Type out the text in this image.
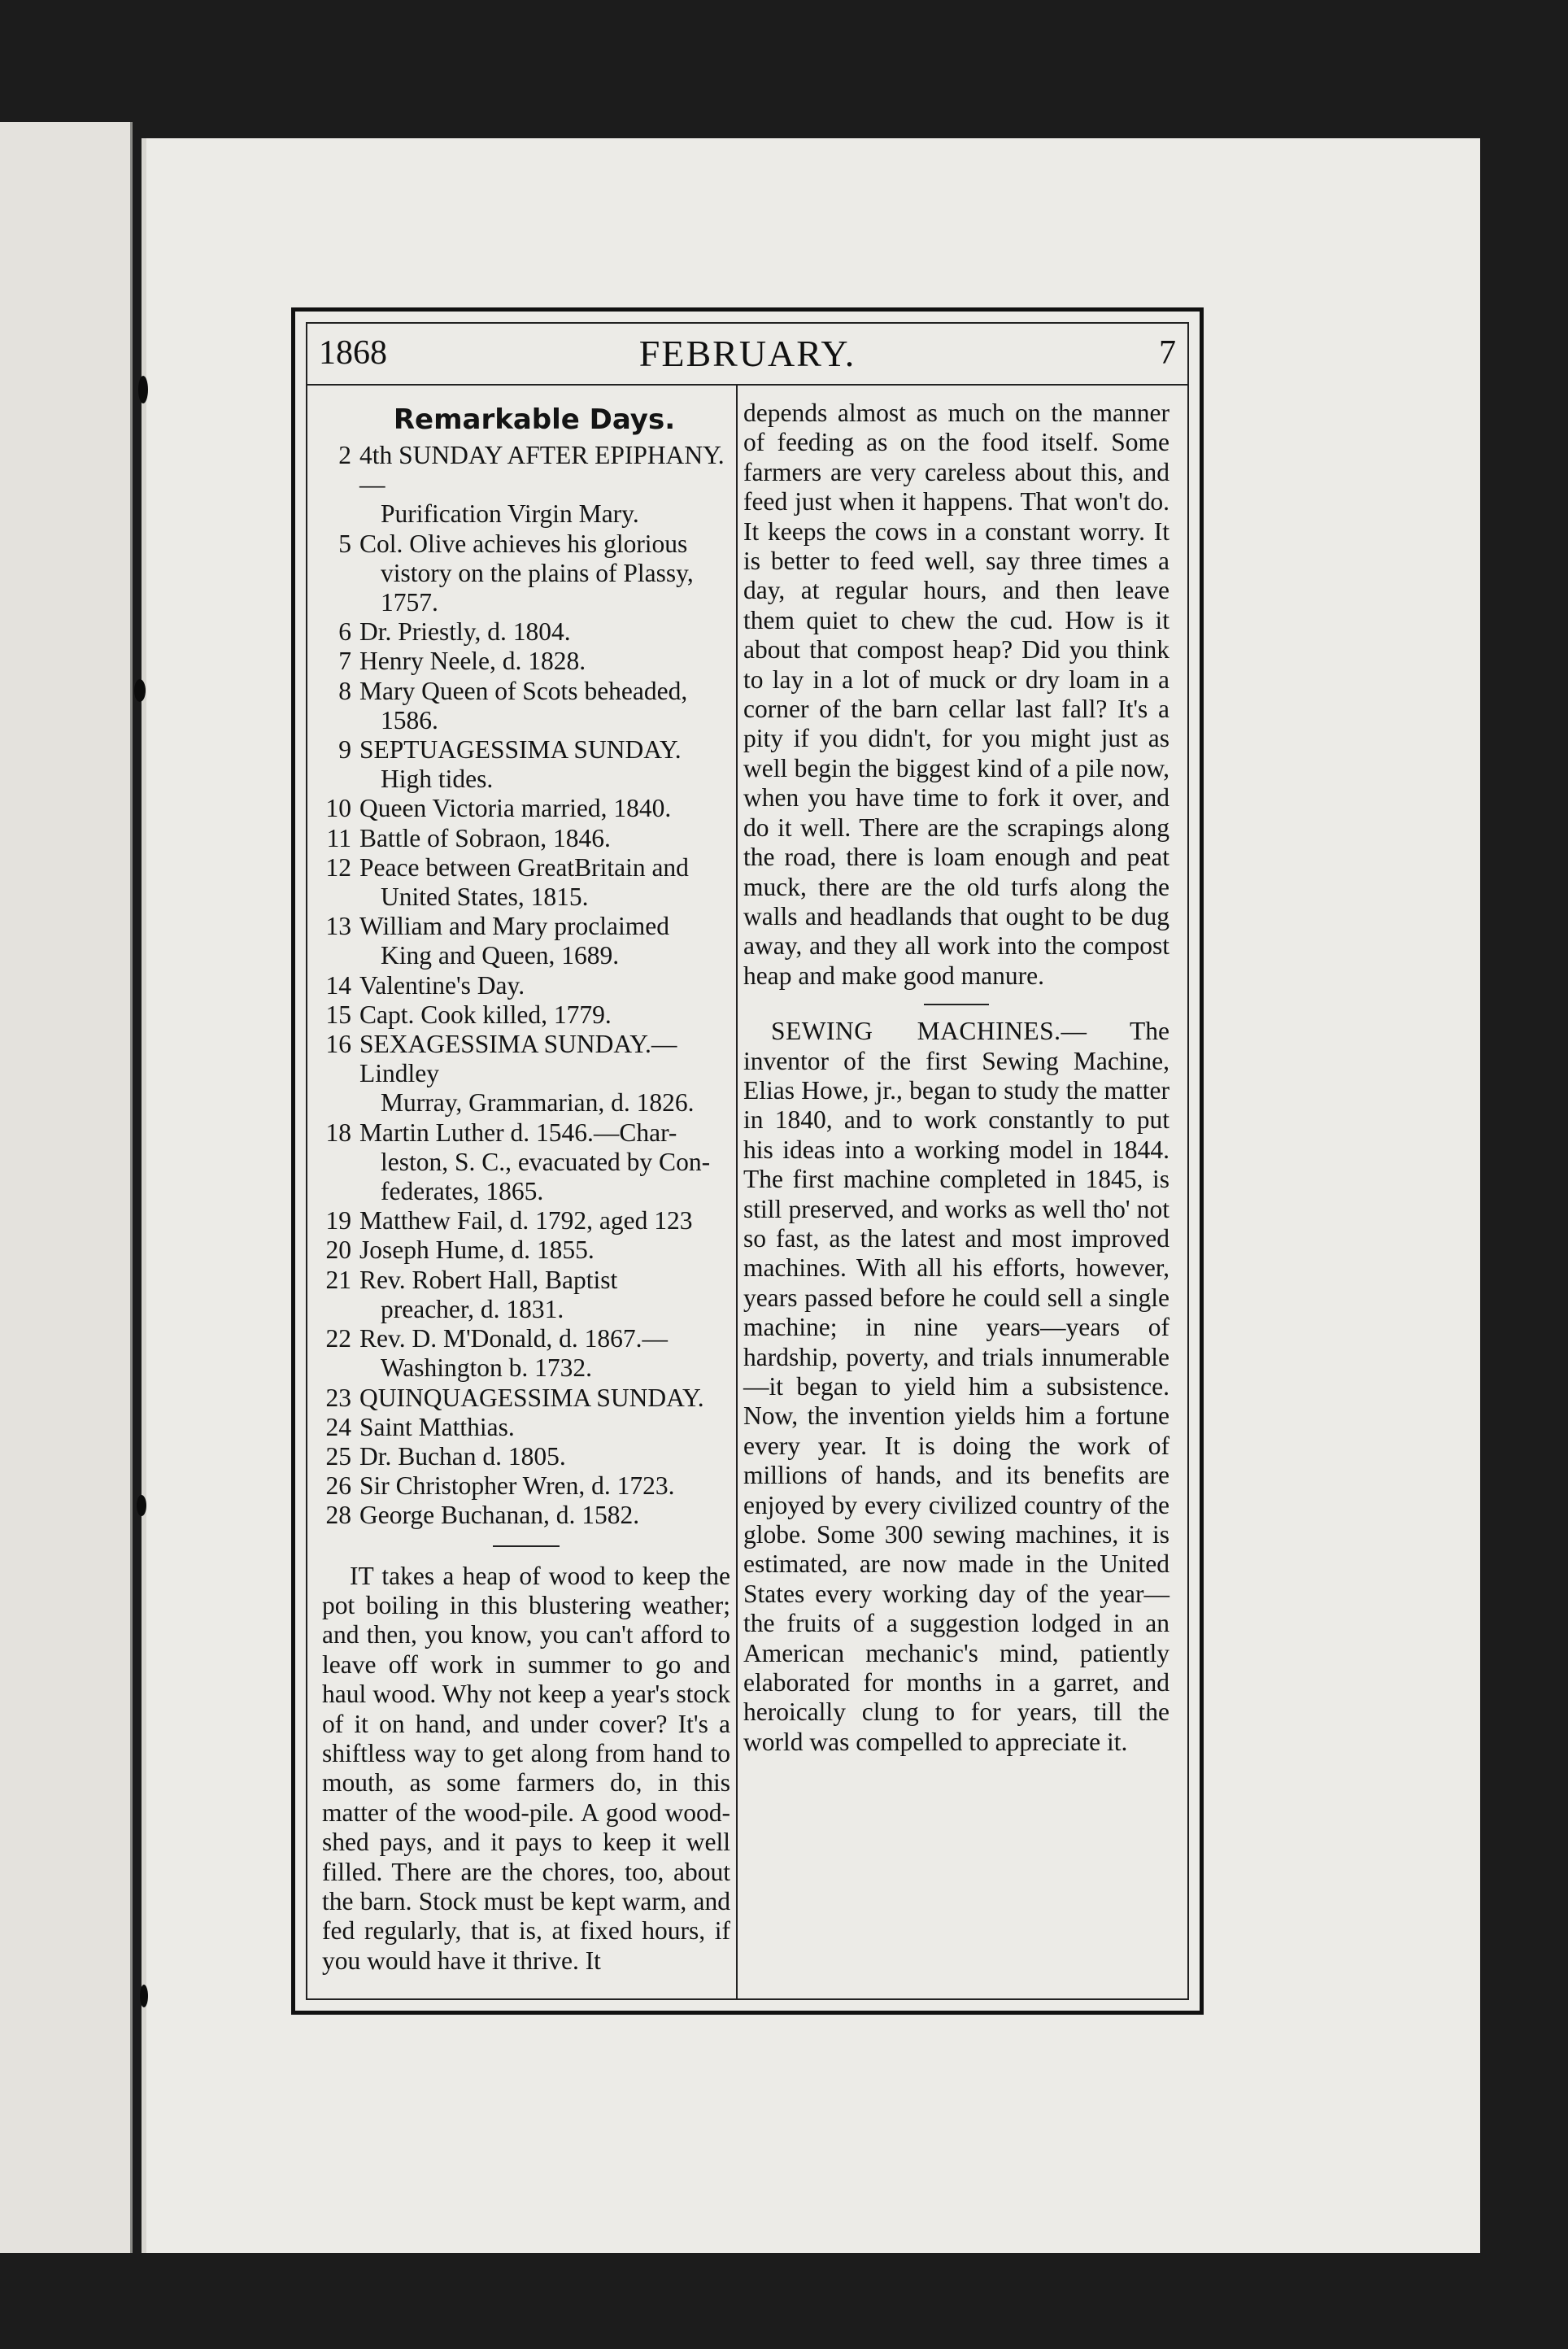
1868	FEBRUARY.	7
Remarkable Days.
2 4th SUNDAY AFTER EPIPHANY.—
Purification Virgin Mary.
5 Col. Olive achieves his glorious
vistory on the plains of Plassy,
1757.
6 Dr. Priestly, d. 1804.
7 Henry Neele, d. 1828.
8 Mary Queen of Scots beheaded,
1586.
9 SEPTUAGESSIMA SUNDAY.
High tides.
10 Queen Victoria married, 1840.
11 Battle of Sobraon, 1846.
12 Peace between GreatBritain and
United States, 1815.
13 William and Mary proclaimed
King and Queen, 1689.
14 Valentine's Day.
15 Capt. Cook killed, 1779.
16 SEXAGESSIMA SUNDAY.—Lindley
Murray, Grammarian, d. 1826.
18 Martin Luther d. 1546.—Char-
leston, S. C., evacuated by Con-
federates, 1865.
19 Matthew Fail, d. 1792, aged 123
20 Joseph Hume, d. 1855.
21 Rev. Robert Hall, Baptist
preacher, d. 1831.
22 Rev. D. M'Donald, d. 1867.—
Washington b. 1732.
23 QUINQUAGESSIMA SUNDAY.
24 Saint Matthias.
25 Dr. Buchan d. 1805.
26 Sir Christopher Wren, d. 1723.
28 George Buchanan, d. 1582.

IT takes a heap of wood to keep the pot boiling in this blustering weather; and then, you know, you can't afford to leave off work in summer to go and haul wood. Why not keep a year's stock of it on hand, and under cover? It's a shiftless way to get along from hand to mouth, as some farmers do, in this matter of the wood-pile. A good wood-shed pays, and it pays to keep it well filled. There are the chores, too, about the barn. Stock must be kept warm, and fed regularly, that is, at fixed hours, if you would have it thrive. It

depends almost as much on the manner of feeding as on the food itself. Some farmers are very careless about this, and feed just when it happens. That won't do. It keeps the cows in a constant worry. It is better to feed well, say three times a day, at regular hours, and then leave them quiet to chew the cud. How is it about that compost heap? Did you think to lay in a lot of muck or dry loam in a corner of the barn cellar last fall? It's a pity if you didn't, for you might just as well begin the biggest kind of a pile now, when you have time to fork it over, and do it well. There are the scrapings along the road, there is loam enough and peat muck, there are the old turfs along the walls and headlands that ought to be dug away, and they all work into the compost heap and make good manure.

SEWING MACHINES.— The inventor of the first Sewing Machine, Elias Howe, jr., began to study the matter in 1840, and to work constantly to put his ideas into a working model in 1844. The first machine completed in 1845, is still preserved, and works as well tho' not so fast, as the latest and most improved machines. With all his efforts, however, years passed before he could sell a single machine; in nine years—years of hardship, poverty, and trials innumerable—it began to yield him a subsistence. Now, the invention yields him a fortune every year. It is doing the work of millions of hands, and its benefits are enjoyed by every civilized country of the globe. Some 300 sewing machines, it is estimated, are now made in the United States every working day of the year—the fruits of a suggestion lodged in an American mechanic's mind, patiently elaborated for months in a garret, and heroically clung to for years, till the world was compelled to appreciate it.
